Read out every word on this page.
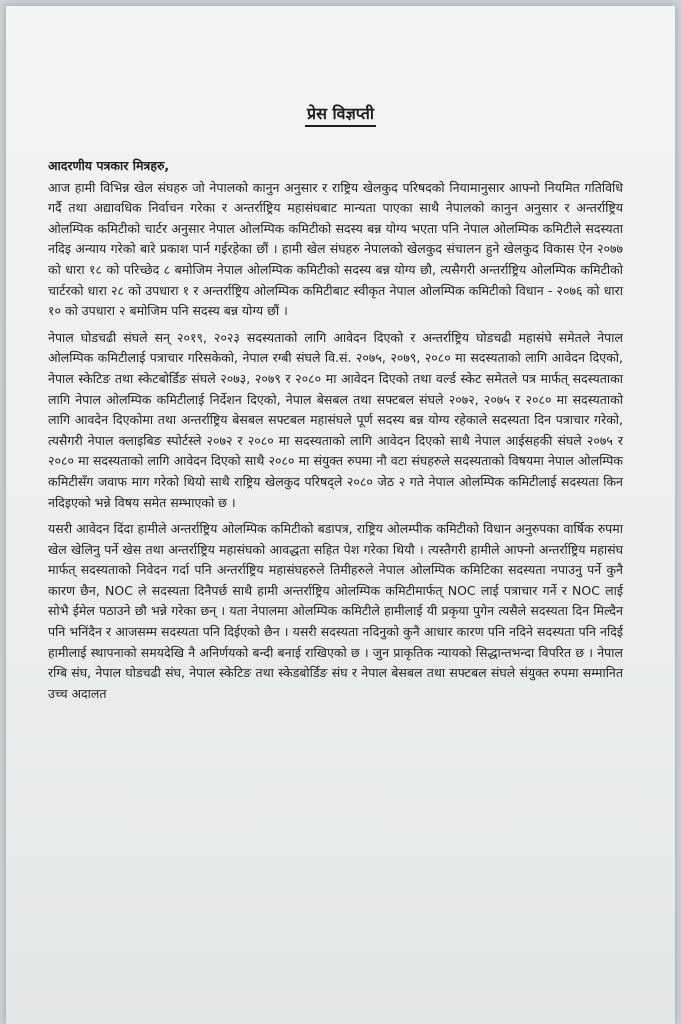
प्रेस विज्ञप्ती
आदरणीय पत्रकार मित्रहरु,

आज हामी विभिन्न खेल संघहरु जो नेपालको कानुन अनुसार र राष्ट्रिय खेलकुद परिषदको नियामानुसार आफ्नो नियमित गतिविधि गर्दै तथा अद्यावधिक निर्वाचन गरेका र अन्तर्राष्ट्रिय महासंघबाट मान्यता पाएका साथै नेपालको कानुन अनुसार र अन्तर्राष्ट्रिय ओलम्पिक कमिटीको चार्टर अनुसार नेपाल ओलम्पिक कमिटीको सदस्य बन्न योग्य भएता पनि नेपाल ओलम्पिक कमिटीले सदस्यता नदिइ अन्याय गरेको बारे प्रकाश पार्न गईरहेका छौं । हामी खेल संघहरु नेपालको खेलकुद संचालन हुने खेलकुद विकास ऐन २०७७ को धारा १८ को परिच्छेद ८ बमोजिम नेपाल ओलम्पिक कमिटीको सदस्य बन्न योग्य छौ, त्यसैगरी अन्तर्राष्ट्रिय ओलम्पिक कमिटीको चार्टरको धारा २८ को उपधारा १ र अन्तर्राष्ट्रिय ओलम्पिक कमिटीबाट स्वीकृत नेपाल ओलम्पिक कमिटीको विधान - २०७६ को धारा १० को उपधारा २ बमोजिम पनि सदस्य बन्न योग्य छौं ।

नेपाल घोडचढी संघले सन् २०१९, २०२३ सदस्यताको लागि आवेदन दिएको र अन्तर्राष्ट्रिय घोडचढी महासंघे समेतले नेपाल ओलम्पिक कमिटीलाई पत्राचार गरिसकेको, नेपाल रग्बी संघले वि.सं. २०७५, २०७९, २०८० मा सदस्यताको लागि आवेदन दिएको, नेपाल स्केटिङ तथा स्केटबोर्डिङ संघले २०७३, २०७९ र २०८० मा आवेदन दिएको तथा वर्ल्ड स्केट समेतले पत्र मार्फत् सदस्यताका लागि नेपाल ओलम्पिक कमिटीलाई निर्देशन दिएको, नेपाल बेसबल तथा सफ्टबल संघले २०७२, २०७५ र २०८० मा सदस्यताको लागि आवदेन दिएकोमा तथा अन्तर्राष्ट्रिय बेसबल सफ्टबल महासंघले पूर्ण सदस्य बन्न योग्य रहेकाले सदस्यता दिन पत्राचार गरेको, त्यसैगरी नेपाल क्लाइबिङ स्पोर्टस्ले २०७२ र २०८० मा सदस्यताको लागि आवेदन दिएको साथै नेपाल आईसहकी संघले २०७५ र २०८० मा सदस्यताको लागि आवेदन दिएको साथै २०८० मा संयुक्त रुपमा नौ वटा संघहरुले सदस्यताको विषयमा नेपाल ओलम्पिक कमिटीसँग जवाफ माग गरेको थियो साथै राष्ट्रिय खेलकुद परिषद्ले २०८० जेठ २ गते नेपाल ओलम्पिक कमिटीलाई सदस्यता किन नदिइएको भन्ने विषय समेत सम्भाएको छ ।

यसरी आवेदन दिंदा हामीले अन्तर्राष्ट्रिय ओलम्पिक कमिटीको बडापत्र, राष्ट्रिय ओलम्पीक कमिटीको विधान अनुरुपका वार्षिक रुपमा खेल खेलिनु पर्ने खेस तथा अन्तर्राष्ट्रिय महासंघको आवद्धता सहित पेश गरेका थियौ । त्यस्तैगरी हामीले आफ्नो अन्तर्राष्ट्रिय महासंघ मार्फत् सदस्यताको निवेदन गर्दा पनि अन्तर्राष्ट्रिय महासंघहरुले तिमीहरुले नेपाल ओलम्पिक कमिटिका सदस्यता नपाउनु पर्ने कुनै कारण छैन, NOC ले सदस्यता दिनैपर्छ साथै हामी अन्तर्राष्ट्रिय ओलम्पिक कमिटीमार्फत् NOC लाई पत्राचार गर्ने र NOC लाई सोभै ईमेल पठाउने छौ भन्ने गरेका छन् । यता नेपालमा ओलम्पिक कमिटीले हामीलाई यी प्रकृया पुगेन त्यसैले सदस्यता दिन मिल्दैन पनि भनिंदैन र आजसम्म सदस्यता पनि दिईएको छैन । यसरी सदस्यता नदिनुको कुनै आधार कारण पनि नदिने सदस्यता पनि नदिई हामीलाई स्थापनाको समयदेखि नै अनिर्णयको बन्दी बनाई राखिएको छ । जुन प्राकृतिक न्यायको सिद्धान्तभन्दा विपरित छ । नेपाल रग्बि संघ, नेपाल घोडचढी संघ, नेपाल स्केटिङ तथा स्केडबोर्डिङ संघ र नेपाल बेसबल तथा सफ्टबल संघले संयुक्त रुपमा सम्मानित उच्च अदालत
